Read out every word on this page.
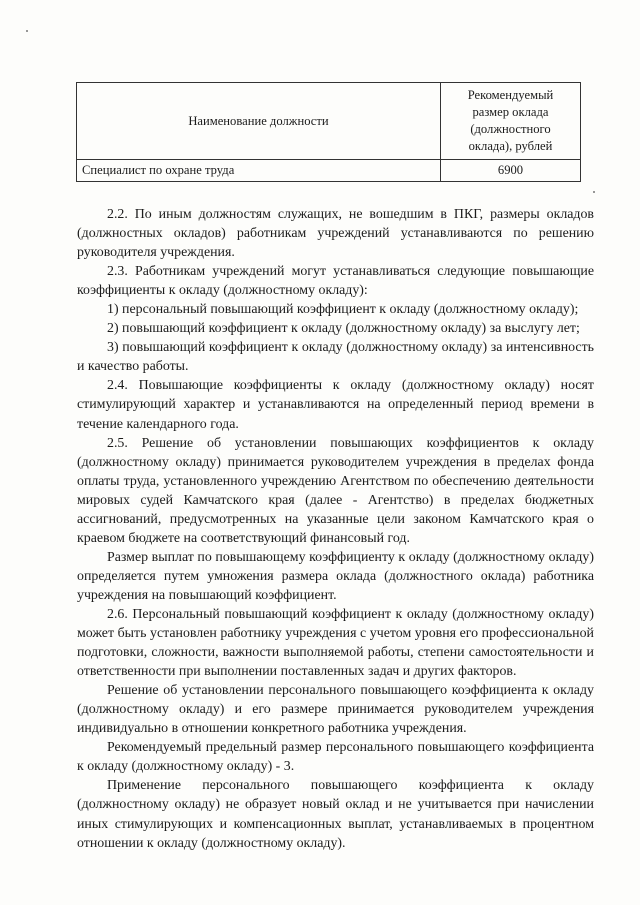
Наименование должности	Рекомендуемый
размер оклада
(должностного
оклада), рублей

Специалист по охране труда	6900

2.2. По иным должностям служащих, не вошедшим в ПКГ, размеры окладов (должностных окладов) работникам учреждений устанавливаются по решению руководителя учреждения.

2.3. Работникам учреждений могут устанавливаться следующие повышающие коэффициенты к окладу (должностному окладу):

1) персональный повышающий коэффициент к окладу (должностному окладу);

2) повышающий коэффициент к окладу (должностному окладу) за выслугу лет;

3) повышающий коэффициент к окладу (должностному окладу) за интенсивность и качество работы.

2.4. Повышающие коэффициенты к окладу (должностному окладу) носят стимулирующий характер и устанавливаются на определенный период времени в течение календарного года.

2.5. Решение об установлении повышающих коэффициентов к окладу (должностному окладу) принимается руководителем учреждения в пределах фонда оплаты труда, установленного учреждению Агентством по обеспечению деятельности мировых судей Камчатского края (далее - Агентство) в пределах бюджетных ассигнований, предусмотренных на указанные цели законом Камчатского края о краевом бюджете на соответствующий финансовый год.

Размер выплат по повышающему коэффициенту к окладу (должностному окладу) определяется путем умножения размера оклада (должностного оклада) работника учреждения на повышающий коэффициент.

2.6. Персональный повышающий коэффициент к окладу (должностному окладу) может быть установлен работнику учреждения с учетом уровня его профессиональной подготовки, сложности, важности выполняемой работы, степени самостоятельности и ответственности при выполнении поставленных задач и других факторов.

Решение об установлении персонального повышающего коэффициента к окладу (должностному окладу) и его размере принимается руководителем учреждения индивидуально в отношении конкретного работника учреждения.

Рекомендуемый предельный размер персонального повышающего коэффициента к окладу (должностному окладу) - 3.

Применение персонального повышающего коэффициента к окладу (должностному окладу) не образует новый оклад и не учитывается при начислении иных стимулирующих и компенсационных выплат, устанавливаемых в процентном отношении к окладу (должностному окладу).
